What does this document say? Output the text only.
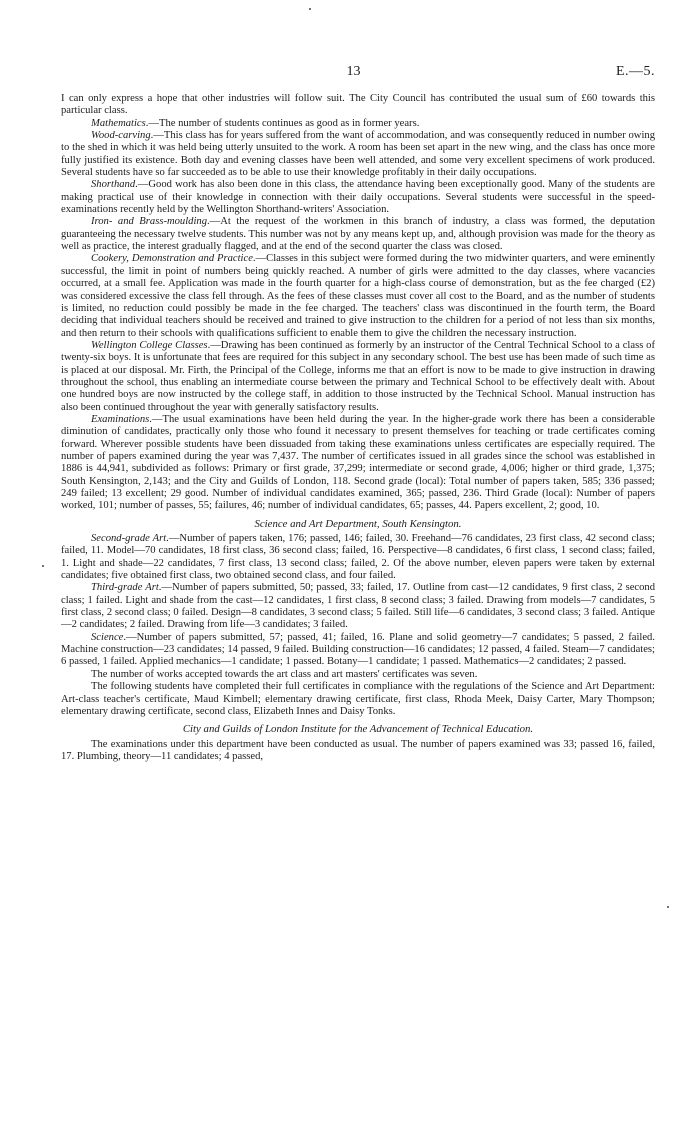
13	E.—5.

I can only express a hope that other industries will follow suit. The City Council has contributed the usual sum of £60 towards this particular class.

Mathematics.—The number of students continues as good as in former years.

Wood-carving.—This class has for years suffered from the want of accommodation, and was consequently reduced in number owing to the shed in which it was held being utterly unsuited to the work. A room has been set apart in the new wing, and the class has once more fully justified its existence. Both day and evening classes have been well attended, and some very excellent specimens of work produced. Several students have so far succeeded as to be able to use their knowledge profitably in their daily occupations.

Shorthand.—Good work has also been done in this class, the attendance having been exceptionally good. Many of the students are making practical use of their knowledge in connection with their daily occupations. Several students were successful in the speed-examinations recently held by the Wellington Shorthand-writers' Association.

Iron- and Brass-moulding.—At the request of the workmen in this branch of industry, a class was formed, the deputation guaranteeing the necessary twelve students. This number was not by any means kept up, and, although provision was made for the theory as well as practice, the interest gradually flagged, and at the end of the second quarter the class was closed.

Cookery, Demonstration and Practice.—Classes in this subject were formed during the two midwinter quarters, and were eminently successful, the limit in point of numbers being quickly reached. A number of girls were admitted to the day classes, where vacancies occurred, at a small fee. Application was made in the fourth quarter for a high-class course of demonstration, but as the fee charged (£2) was considered excessive the class fell through. As the fees of these classes must cover all cost to the Board, and as the number of students is limited, no reduction could possibly be made in the fee charged. The teachers' class was discontinued in the fourth term, the Board deciding that individual teachers should be received and trained to give instruction to the children for a period of not less than six months, and then return to their schools with qualifications sufficient to enable them to give the children the necessary instruction.

Wellington College Classes.—Drawing has been continued as formerly by an instructor of the Central Technical School to a class of twenty-six boys. It is unfortunate that fees are required for this subject in any secondary school. The best use has been made of such time as is placed at our disposal. Mr. Firth, the Principal of the College, informs me that an effort is now to be made to give instruction in drawing throughout the school, thus enabling an intermediate course between the primary and Technical School to be effectively dealt with. About one hundred boys are now instructed by the college staff, in addition to those instructed by the Technical School. Manual instruction has also been continued throughout the year with generally satisfactory results.

Examinations.—The usual examinations have been held during the year. In the higher-grade work there has been a considerable diminution of candidates, practically only those who found it necessary to present themselves for teaching or trade certificates coming forward. Wherever possible students have been dissuaded from taking these examinations unless certificates are especially required. The number of papers examined during the year was 7,437. The number of certificates issued in all grades since the school was established in 1886 is 44,941, subdivided as follows: Primary or first grade, 37,299; intermediate or second grade, 4,006; higher or third grade, 1,375; South Kensington, 2,143; and the City and Guilds of London, 118. Second grade (local): Total number of papers taken, 585; 336 passed; 249 failed; 13 excellent; 29 good. Number of individual candidates examined, 365; passed, 236. Third Grade (local): Number of papers worked, 101; number of passes, 55; failures, 46; number of individual candidates, 65; passes, 44. Papers excellent, 2; good, 10.

Science and Art Department, South Kensington.

Second-grade Art.—Number of papers taken, 176; passed, 146; failed, 30. Freehand—76 candidates, 23 first class, 42 second class; failed, 11. Model—70 candidates, 18 first class, 36 second class; failed, 16. Perspective—8 candidates, 6 first class, 1 second class; failed, 1. Light and shade—22 candidates, 7 first class, 13 second class; failed, 2. Of the above number, eleven papers were taken by external candidates; five obtained first class, two obtained second class, and four failed.

Third-grade Art.—Number of papers submitted, 50; passed, 33; failed, 17. Outline from cast—12 candidates, 9 first class, 2 second class; 1 failed. Light and shade from the cast—12 candidates, 1 first class, 8 second class; 3 failed. Drawing from models—7 candidates, 5 first class, 2 second class; 0 failed. Design—8 candidates, 3 second class; 5 failed. Still life—6 candidates, 3 second class; 3 failed. Antique—2 candidates; 2 failed. Drawing from life—3 candidates; 3 failed.

Science.—Number of papers submitted, 57; passed, 41; failed, 16. Plane and solid geometry—7 candidates; 5 passed, 2 failed. Machine construction—23 candidates; 14 passed, 9 failed. Building construction—16 candidates; 12 passed, 4 failed. Steam—7 candidates; 6 passed, 1 failed. Applied mechanics—1 candidate; 1 passed. Botany—1 candidate; 1 passed. Mathematics—2 candidates; 2 passed.

The number of works accepted towards the art class and art masters' certificates was seven.

The following students have completed their full certificates in compliance with the regulations of the Science and Art Department: Art-class teacher's certificate, Maud Kimbell; elementary drawing certificate, first class, Rhoda Meek, Daisy Carter, Mary Thompson; elementary drawing certificate, second class, Elizabeth Innes and Daisy Tonks.

City and Guilds of London Institute for the Advancement of Technical Education.

The examinations under this department have been conducted as usual. The number of papers examined was 33; passed 16, failed, 17. Plumbing, theory—11 candidates; 4 passed,
